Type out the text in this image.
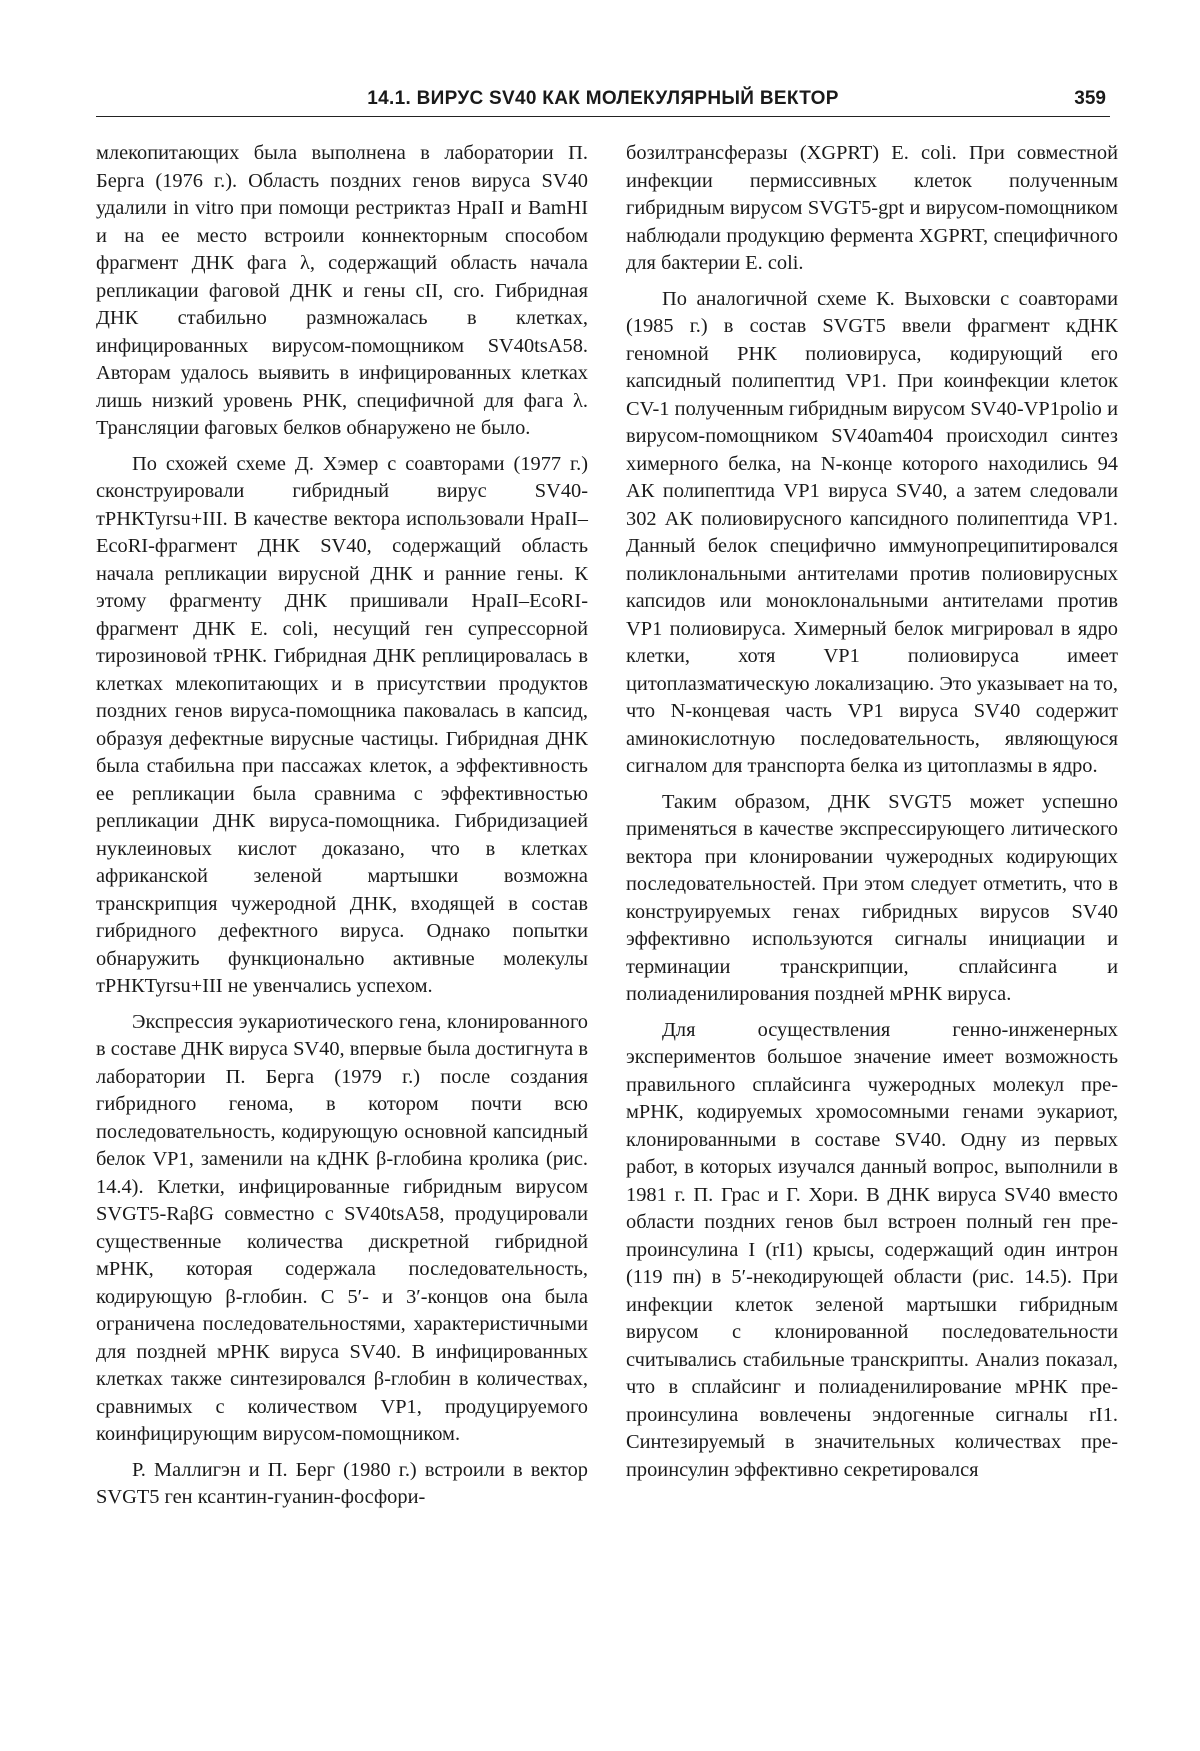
14.1. ВИРУС SV40 КАК МОЛЕКУЛЯРНЫЙ ВЕКТОР	359

млекопитающих была выполнена в лаборатории П. Берга (1976 г.). Область поздних генов вируса SV40 удалили in vitro при помощи рестриктаз HpaII и BamHI и на ее место встроили коннекторным способом фрагмент ДНК фага λ, содержащий область начала репликации фаговой ДНК и гены cII, cro. Гибридная ДНК стабильно размножалась в клетках, инфицированных вирусом-помощником SV40tsA58. Авторам удалось выявить в инфицированных клетках лишь низкий уровень РНК, специфичной для фага λ. Трансляции фаговых белков обнаружено не было.

По схожей схеме Д. Хэмер с соавторами (1977 г.) сконструировали гибридный вирус SV40-тРНКTyrsu+III. В качестве вектора использовали HpaII–EcoRI-фрагмент ДНК SV40, содержащий область начала репликации вирусной ДНК и ранние гены. К этому фрагменту ДНК пришивали HpaII–EcoRI-фрагмент ДНК E. coli, несущий ген супрессорной тирозиновой тРНК. Гибридная ДНК реплицировалась в клетках млекопитающих и в присутствии продуктов поздних генов вируса-помощника паковалась в капсид, образуя дефектные вирусные частицы. Гибридная ДНК была стабильна при пассажах клеток, а эффективность ее репликации была сравнима с эффективностью репликации ДНК вируса-помощника. Гибридизацией нуклеиновых кислот доказано, что в клетках африканской зеленой мартышки возможна транскрипция чужеродной ДНК, входящей в состав гибридного дефектного вируса. Однако попытки обнаружить функционально активные молекулы тРНКTyrsu+III не увенчались успехом.

Экспрессия эукариотического гена, клонированного в составе ДНК вируса SV40, впервые была достигнута в лаборатории П. Берга (1979 г.) после создания гибридного генома, в котором почти всю последовательность, кодирующую основной капсидный белок VP1, заменили на кДНК β-глобина кролика (рис. 14.4). Клетки, инфицированные гибридным вирусом SVGT5-RaβG совместно с SV40tsA58, продуцировали существенные количества дискретной гибридной мРНК, которая содержала последовательность, кодирующую β-глобин. С 5′- и 3′-концов она была ограничена последовательностями, характеристичными для поздней мРНК вируса SV40. В инфицированных клетках также синтезировался β-глобин в количествах, сравнимых с количеством VP1, продуцируемого коинфицирующим вирусом-помощником.

Р. Маллигэн и П. Берг (1980 г.) встроили в вектор SVGT5 ген ксантин-гуанин-фосфори-

бозилтрансферазы (XGPRT) E. coli. При совместной инфекции пермиссивных клеток полученным гибридным вирусом SVGT5-gpt и вирусом-помощником наблюдали продукцию фермента XGPRT, специфичного для бактерии E. coli.

По аналогичной схеме К. Выховски с соавторами (1985 г.) в состав SVGT5 ввели фрагмент кДНК геномной РНК полиовируса, кодирующий его капсидный полипептид VP1. При коинфекции клеток CV-1 полученным гибридным вирусом SV40-VP1polio и вирусом-помощником SV40am404 происходил синтез химерного белка, на N-конце которого находились 94 АК полипептида VP1 вируса SV40, а затем следовали 302 АК полиовирусного капсидного полипептида VP1. Данный белок специфично иммунопреципитировался поликлональными антителами против полиовирусных капсидов или моноклональными антителами против VP1 полиовируса. Химерный белок мигрировал в ядро клетки, хотя VP1 полиовируса имеет цитоплазматическую локализацию. Это указывает на то, что N-концевая часть VP1 вируса SV40 содержит аминокислотную последовательность, являющуюся сигналом для транспорта белка из цитоплазмы в ядро.

Таким образом, ДНК SVGT5 может успешно применяться в качестве экспрессирующего литического вектора при клонировании чужеродных кодирующих последовательностей. При этом следует отметить, что в конструируемых генах гибридных вирусов SV40 эффективно используются сигналы инициации и терминации транскрипции, сплайсинга и полиаденилирования поздней мРНК вируса.

Для осуществления генно-инженерных экспериментов большое значение имеет возможность правильного сплайсинга чужеродных молекул пре-мРНК, кодируемых хромосомными генами эукариот, клонированными в составе SV40. Одну из первых работ, в которых изучался данный вопрос, выполнили в 1981 г. П. Грас и Г. Хори. В ДНК вируса SV40 вместо области поздних генов был встроен полный ген пре-проинсулина I (rI1) крысы, содержащий один интрон (119 пн) в 5′-некодирующей области (рис. 14.5). При инфекции клеток зеленой мартышки гибридным вирусом с клонированной последовательности считывались стабильные транскрипты. Анализ показал, что в сплайсинг и полиаденилирование мРНК пре-проинсулина вовлечены эндогенные сигналы rI1. Синтезируемый в значительных количествах пре-проинсулин эффективно секретировался
